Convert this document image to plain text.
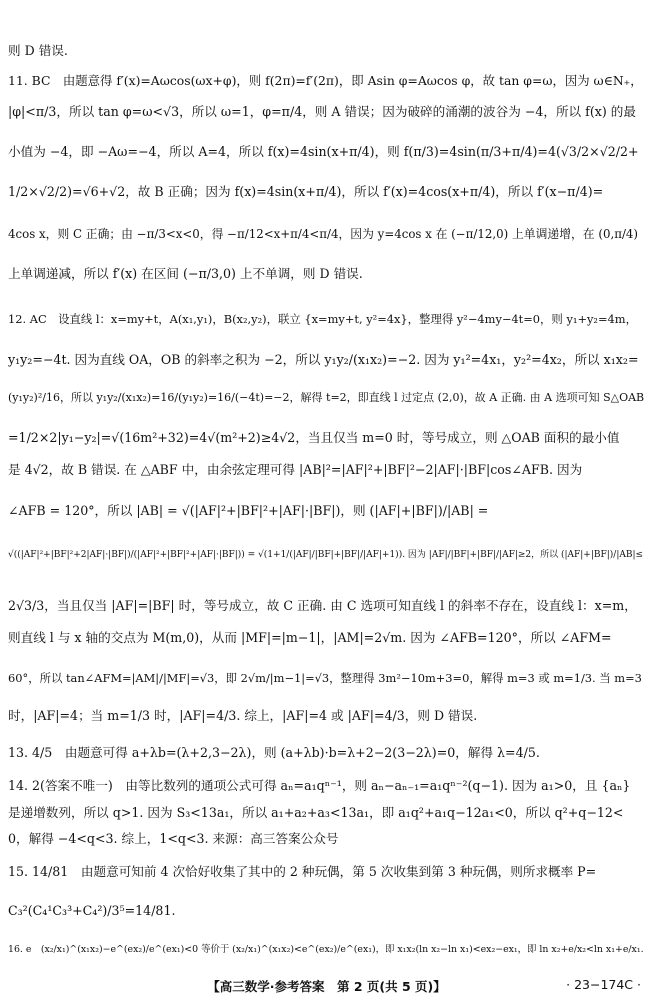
则 D 错误.
11. BC　由题意得 f′(x)=Aωcos(ωx+φ)，则 f(2π)=f′(2π)，即 Asin φ=Aωcos φ，故 tan φ=ω，因为 ω∈N₊，
|φ|<π/3，所以 tan φ=ω<√3，所以 ω=1，φ=π/4，则 A 错误；因为破碎的涌潮的波谷为 −4，所以 f(x) 的最
小值为 −4，即 −Aω=−4，所以 A=4，所以 f(x)=4sin(x+π/4)，则 f(π/3)=4sin(π/3+π/4)=4(√3/2×√2/2+
1/2×√2/2)=√6+√2，故 B 正确；因为 f(x)=4sin(x+π/4)，所以 f′(x)=4cos(x+π/4)，所以 f′(x−π/4)=
4cos x，则 C 正确；由 −π/3<x<0，得 −π/12<x+π/4<π/4，因为 y=4cos x 在 (−π/12,0) 上单调递增，在 (0,π/4)
上单调递减，所以 f′(x) 在区间 (−π/3,0) 上不单调，则 D 错误.
12. AC　设直线 l：x=my+t，A(x₁,y₁)，B(x₂,y₂)，联立 {x=my+t, y²=4x}，整理得 y²−4my−4t=0，则 y₁+y₂=4m，
y₁y₂=−4t. 因为直线 OA，OB 的斜率之积为 −2，所以 y₁y₂/(x₁x₂)=−2. 因为 y₁²=4x₁，y₂²=4x₂，所以 x₁x₂=
(y₁y₂)²/16，所以 y₁y₂/(x₁x₂)=16/(y₁y₂)=16/(−4t)=−2，解得 t=2，即直线 l 过定点 (2,0)，故 A 正确. 由 A 选项可知 S△OAB
=1/2×2|y₁−y₂|=√(16m²+32)=4√(m²+2)≥4√2，当且仅当 m=0 时，等号成立，则 △OAB 面积的最小值
是 4√2，故 B 错误. 在 △ABF 中，由余弦定理可得 |AB|²=|AF|²+|BF|²−2|AF|·|BF|cos∠AFB. 因为
∠AFB = 120°，所以 |AB| = √(|AF|²+|BF|²+|AF|·|BF|)，则 (|AF|+|BF|)/|AB| =
√((|AF|²+|BF|²+2|AF|·|BF|)/(|AF|²+|BF|²+|AF|·|BF|)) = √(1+1/(|AF|/|BF|+|BF|/|AF|+1)). 因为 |AF|/|BF|+|BF|/|AF|≥2，所以 (|AF|+|BF|)/|AB|≤
2√3/3，当且仅当 |AF|=|BF| 时，等号成立，故 C 正确. 由 C 选项可知直线 l 的斜率不存在，设直线 l：x=m，
则直线 l 与 x 轴的交点为 M(m,0)，从而 |MF|=|m−1|，|AM|=2√m. 因为 ∠AFB=120°，所以 ∠AFM=
60°，所以 tan∠AFM=|AM|/|MF|=√3，即 2√m/|m−1|=√3，整理得 3m²−10m+3=0，解得 m=3 或 m=1/3. 当 m=3
时，|AF|=4；当 m=1/3 时，|AF|=4/3. 综上，|AF|=4 或 |AF|=4/3，则 D 错误.
13. 4/5　由题意可得 a+λb=(λ+2,3−2λ)，则 (a+λb)·b=λ+2−2(3−2λ)=0，解得 λ=4/5.
14. 2(答案不唯一)　由等比数列的通项公式可得 aₙ=a₁qⁿ⁻¹，则 aₙ−aₙ₋₁=a₁qⁿ⁻²(q−1). 因为 a₁>0，且 {aₙ}
是递增数列，所以 q>1. 因为 S₃<13a₁，所以 a₁+a₂+a₃<13a₁，即 a₁q²+a₁q−12a₁<0，所以 q²+q−12<
0，解得 −4<q<3. 综上，1<q<3. 来源：高三答案公众号
15. 14/81　由题意可知前 4 次恰好收集了其中的 2 种玩偶，第 5 次收集到第 3 种玩偶，则所求概率 P=
C₃²(C₄¹C₃³+C₄²)/3⁵=14/81.
16. e　(x₂/x₁)^(x₁x₂)−e^(ex₂)/e^(ex₁)<0 等价于 (x₂/x₁)^(x₁x₂)<e^(ex₂)/e^(ex₁)，即 x₁x₂(ln x₂−ln x₁)<ex₂−ex₁，即 ln x₂+e/x₂<ln x₁+e/x₁.
【高三数学·参考答案　第 2 页(共 5 页)】	· 23−174C ·
